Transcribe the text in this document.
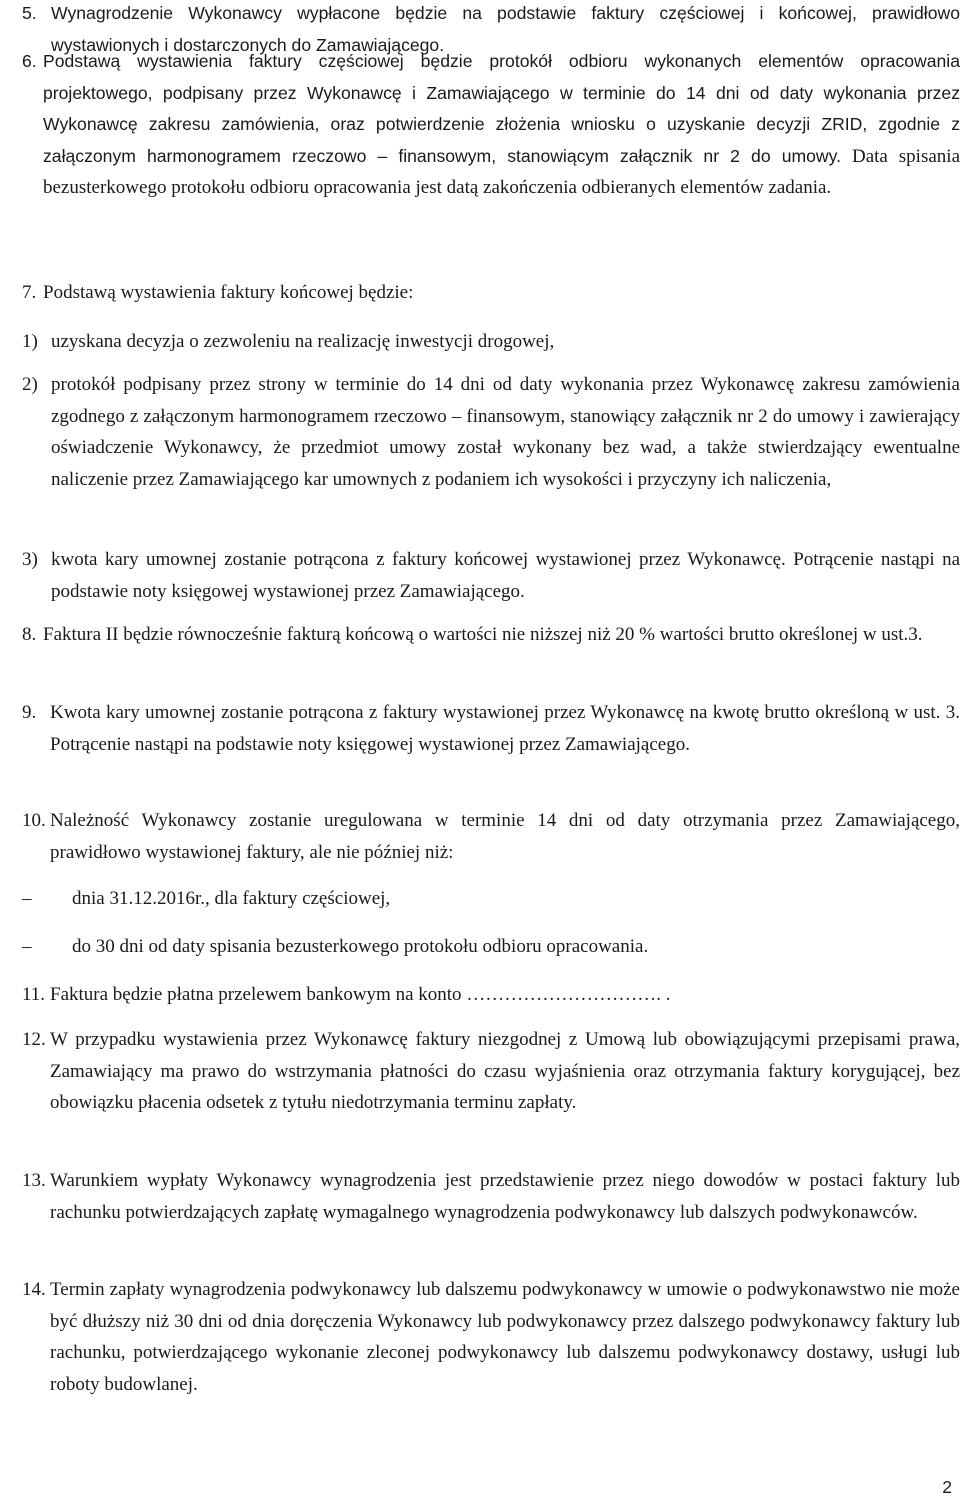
5. Wynagrodzenie Wykonawcy wypłacone będzie na podstawie faktury częściowej i końcowej, prawidłowo wystawionych i dostarczonych do Zamawiającego.
6. Podstawą wystawienia faktury częściowej będzie protokół odbioru wykonanych elementów opracowania projektowego, podpisany przez Wykonawcę i Zamawiającego w terminie do 14 dni od daty wykonania przez Wykonawcę zakresu zamówienia, oraz potwierdzenie złożenia wniosku o uzyskanie decyzji ZRID, zgodnie z załączonym harmonogramem rzeczowo – finansowym, stanowiącym załącznik nr 2 do umowy. Data spisania bezusterkowego protokołu odbioru opracowania jest datą zakończenia odbieranych elementów zadania.
7. Podstawą wystawienia faktury końcowej będzie:
1) uzyskana decyzja o zezwoleniu na realizację inwestycji drogowej,
2) protokół podpisany przez strony w terminie do 14 dni od daty wykonania przez Wykonawcę zakresu zamówienia zgodnego z załączonym harmonogramem rzeczowo – finansowym, stanowiący załącznik nr 2 do umowy i zawierający oświadczenie Wykonawcy, że przedmiot umowy został wykonany bez wad, a także stwierdzający ewentualne naliczenie przez Zamawiającego kar umownych z podaniem ich wysokości i przyczyny ich naliczenia,
3) kwota kary umownej zostanie potrącona z faktury końcowej wystawionej przez Wykonawcę. Potrącenie nastąpi na podstawie noty księgowej wystawionej przez Zamawiającego.
8. Faktura II będzie równocześnie fakturą końcową o wartości nie niższej niż 20 % wartości brutto określonej w ust.3.
9. Kwota kary umownej zostanie potrącona z faktury wystawionej przez Wykonawcę na kwotę brutto określoną w ust. 3. Potrącenie nastąpi na podstawie noty księgowej wystawionej przez Zamawiającego.
10. Należność Wykonawcy zostanie uregulowana w terminie 14 dni od daty otrzymania przez Zamawiającego, prawidłowo wystawionej faktury, ale nie później niż:
–	dnia 31.12.2016r., dla faktury częściowej,
–	do 30 dni od daty spisania bezusterkowego protokołu odbioru opracowania.
11. Faktura będzie płatna przelewem bankowym na konto …………………………. .
12. W przypadku wystawienia przez Wykonawcę faktury niezgodnej z Umową lub obowiązującymi przepisami prawa, Zamawiający ma prawo do wstrzymania płatności do czasu wyjaśnienia oraz otrzymania faktury korygującej, bez obowiązku płacenia odsetek z tytułu niedotrzymania terminu zapłaty.
13. Warunkiem wypłaty Wykonawcy wynagrodzenia jest przedstawienie przez niego dowodów w postaci faktury lub rachunku potwierdzających zapłatę wymagalnego wynagrodzenia podwykonawcy lub dalszych podwykonawców.
14. Termin zapłaty wynagrodzenia podwykonawcy lub dalszemu podwykonawcy w umowie o podwykonawstwo nie może być dłuższy niż 30 dni od dnia doręczenia Wykonawcy lub podwykonawcy przez dalszego podwykonawcy faktury lub rachunku, potwierdzającego wykonanie zleconej podwykonawcy lub dalszemu podwykonawcy dostawy, usługi lub roboty budowlanej.
2
